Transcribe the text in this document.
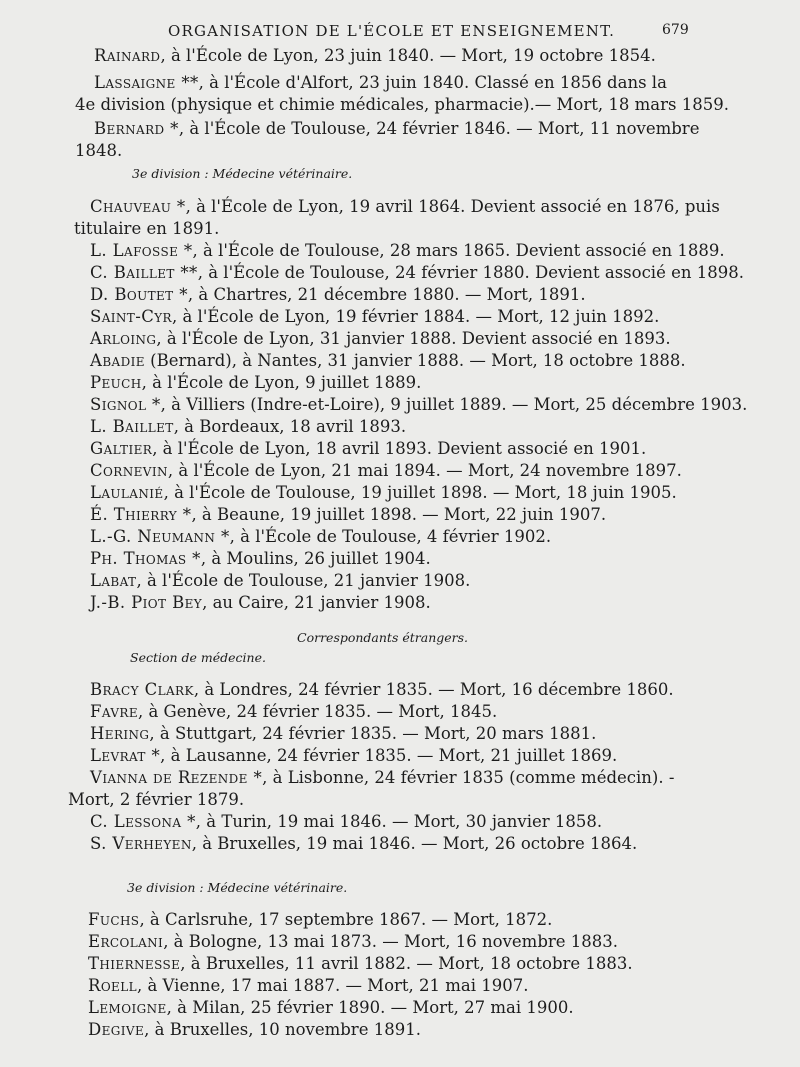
ORGANISATION DE L'ÉCOLE ET ENSEIGNEMENT.	679
Rainard, à l'École de Lyon, 23 juin 1840. — Mort, 19 octobre 1854.
Lassaigne **, à l'École d'Alfort, 23 juin 1840. Classé en 1856 dans la
4e division (physique et chimie médicales, pharmacie).— Mort, 18 mars 1859.
Bernard *, à l'École de Toulouse, 24 février 1846. — Mort, 11 novembre
1848.
3e division : Médecine vétérinaire.
Chauveau *, à l'École de Lyon, 19 avril 1864. Devient associé en 1876, puis
titulaire en 1891.
L. Lafosse *, à l'École de Toulouse, 28 mars 1865. Devient associé en 1889.
C. Baillet **, à l'École de Toulouse, 24 février 1880. Devient associé en 1898.
D. Boutet *, à Chartres, 21 décembre 1880. — Mort, 1891.
Saint-Cyr, à l'École de Lyon, 19 février 1884. — Mort, 12 juin 1892.
Arloing, à l'École de Lyon, 31 janvier 1888. Devient associé en 1893.
Abadie (Bernard), à Nantes, 31 janvier 1888. — Mort, 18 octobre 1888.
Peuch, à l'École de Lyon, 9 juillet 1889.
Signol *, à Villiers (Indre-et-Loire), 9 juillet 1889. — Mort, 25 décembre 1903.
L. Baillet, à Bordeaux, 18 avril 1893.
Galtier, à l'École de Lyon, 18 avril 1893. Devient associé en 1901.
Cornevin, à l'École de Lyon, 21 mai 1894. — Mort, 24 novembre 1897.
Laulanié, à l'École de Toulouse, 19 juillet 1898. — Mort, 18 juin 1905.
É. Thierry *, à Beaune, 19 juillet 1898. — Mort, 22 juin 1907.
L.-G. Neumann *, à l'École de Toulouse, 4 février 1902.
Ph. Thomas *, à Moulins, 26 juillet 1904.
Labat, à l'École de Toulouse, 21 janvier 1908.
J.-B. Piot Bey, au Caire, 21 janvier 1908.
Correspondants étrangers.
Section de médecine.
Bracy Clark, à Londres, 24 février 1835. — Mort, 16 décembre 1860.
Favre, à Genève, 24 février 1835. — Mort, 1845.
Hering, à Stuttgart, 24 février 1835. — Mort, 20 mars 1881.
Levrat *, à Lausanne, 24 février 1835. — Mort, 21 juillet 1869.
Vianna de Rezende *, à Lisbonne, 24 février 1835 (comme médecin). -
Mort, 2 février 1879.
C. Lessona *, à Turin, 19 mai 1846. — Mort, 30 janvier 1858.
S. Verheyen, à Bruxelles, 19 mai 1846. — Mort, 26 octobre 1864.
3e division : Médecine vétérinaire.
Fuchs, à Carlsruhe, 17 septembre 1867. — Mort, 1872.
Ercolani, à Bologne, 13 mai 1873. — Mort, 16 novembre 1883.
Thiernesse, à Bruxelles, 11 avril 1882. — Mort, 18 octobre 1883.
Roell, à Vienne, 17 mai 1887. — Mort, 21 mai 1907.
Lemoigne, à Milan, 25 février 1890. — Mort, 27 mai 1900.
Degive, à Bruxelles, 10 novembre 1891.
